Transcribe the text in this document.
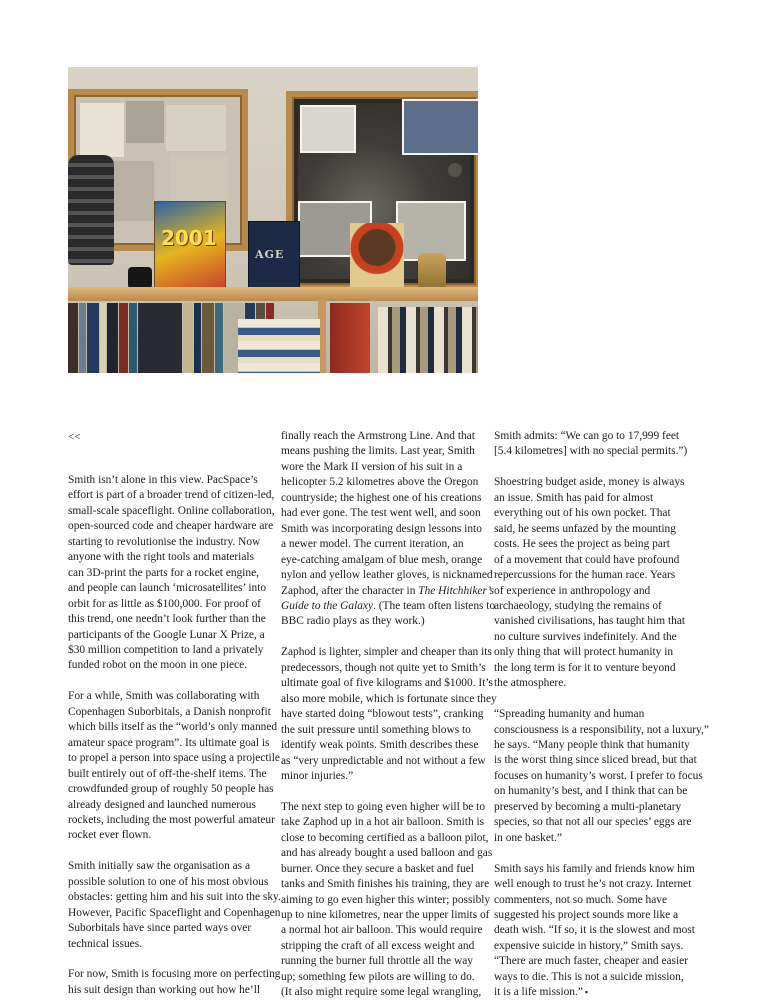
2001
AGE
<<

Smith isn’t alone in this view. PacSpace’s
effort is part of a broader trend of citizen-led,
small-scale spaceflight. Online collaboration,
open-sourced code and cheaper hardware are
starting to revolutionise the industry. Now
anyone with the right tools and materials
can 3D-print the parts for a rocket engine,
and people can launch ‘microsatellites’ into
orbit for as little as $100,000. For proof of
this trend, one needn’t look further than the
participants of the Google Lunar X Prize, a
$30 million competition to land a privately
funded robot on the moon in one piece.

For a while, Smith was collaborating with
Copenhagen Suborbitals, a Danish nonprofit
which bills itself as the “world’s only manned
amateur space program”. Its ultimate goal is
to propel a person into space using a projectile
built entirely out of off-the-shelf items. The
crowdfunded group of roughly 50 people has
already designed and launched numerous
rockets, including the most powerful amateur
rocket ever flown.

Smith initially saw the organisation as a
possible solution to one of his most obvious
obstacles: getting him and his suit into the sky.
However, Pacific Spaceflight and Copenhagen
Suborbitals have since parted ways over
technical issues.

For now, Smith is focusing more on perfecting
his suit design than working out how he’ll

finally reach the Armstrong Line. And that
means pushing the limits. Last year, Smith
wore the Mark II version of his suit in a
helicopter 5.2 kilometres above the Oregon
countryside; the highest one of his creations
had ever gone. The test went well, and soon
Smith was incorporating design lessons into
a newer model. The current iteration, an
eye-catching amalgam of blue mesh, orange
nylon and yellow leather gloves, is nicknamed
Zaphod, after the character in The Hitchhiker’s
Guide to the Galaxy. (The team often listens to
BBC radio plays as they work.)

Zaphod is lighter, simpler and cheaper than its
predecessors, though not quite yet to Smith’s
ultimate goal of five kilograms and $1000. It’s
also more mobile, which is fortunate since they
have started doing “blowout tests”, cranking
the suit pressure until something blows to
identify weak points. Smith describes these
as “very unpredictable and not without a few
minor injuries.”

The next step to going even higher will be to
take Zaphod up in a hot air balloon. Smith is
close to becoming certified as a balloon pilot,
and has already bought a used balloon and gas
burner. Once they secure a basket and fuel
tanks and Smith finishes his training, they are
aiming to go even higher this winter; possibly
up to nine kilometres, near the upper limits of
a normal hot air balloon. This would require
stripping the craft of all excess weight and
running the burner full throttle all the way
up; something few pilots are willing to do.
(It also might require some legal wrangling,

Smith admits: “We can go to 17,999 feet
[5.4 kilometres] with no special permits.”)

Shoestring budget aside, money is always
an issue. Smith has paid for almost
everything out of his own pocket. That
said, he seems unfazed by the mounting
costs. He sees the project as being part
of a movement that could have profound
repercussions for the human race. Years
of experience in anthropology and
archaeology, studying the remains of
vanished civilisations, has taught him that
no culture survives indefinitely. And the
only thing that will protect humanity in
the long term is for it to venture beyond
the atmosphere.

“Spreading humanity and human
consciousness is a responsibility, not a luxury,”
he says. “Many people think that humanity
is the worst thing since sliced bread, but that
focuses on humanity’s worst. I prefer to focus
on humanity’s best, and I think that can be
preserved by becoming a multi-planetary
species, so that not all our species’ eggs are
in one basket.”

Smith says his family and friends know him
well enough to trust he’s not crazy. Internet
commenters, not so much. Some have
suggested his project sounds more like a
death wish. “If so, it is the slowest and most
expensive suicide in history,” Smith says.
“There are much faster, cheaper and easier
ways to die. This is not a suicide mission,
it is a life mission.” ▪
